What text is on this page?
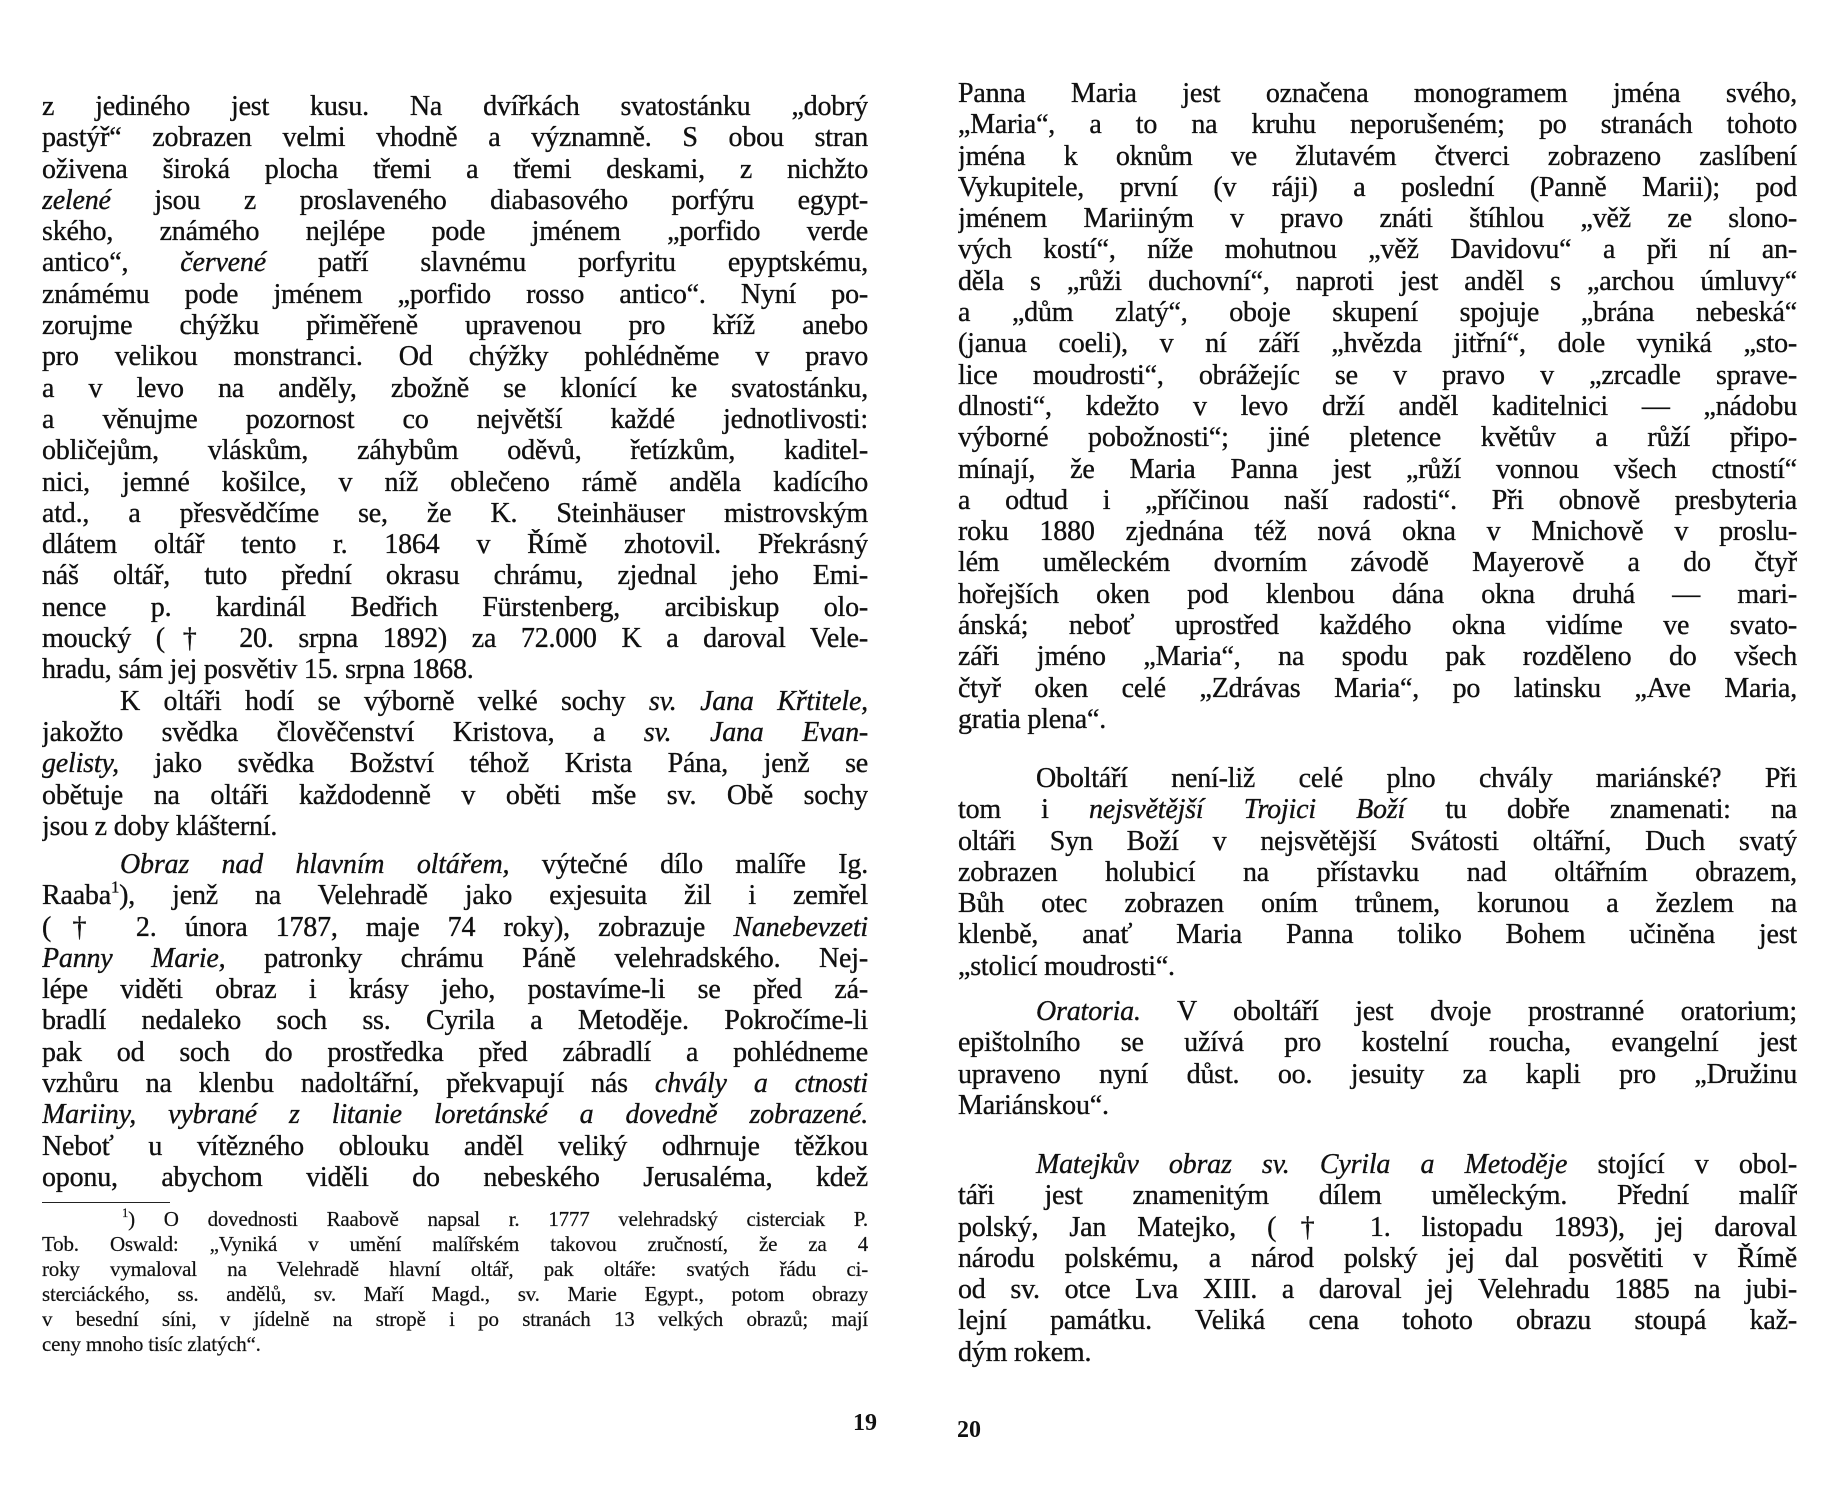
z jediného jest kusu. Na dvířkách svatostánku „dobrý
pastýř“ zobrazen velmi vhodně a významně. S obou stran
oživena široká plocha třemi a třemi deskami, z nichžto
zelené jsou z proslaveného diabasového porfýru egypt-
ského, známého nejlépe pode jménem „porfido verde
antico“, červené patří slavnému porfyritu epyptskému,
známému pode jménem „porfido rosso antico“. Nyní po-
zorujme chýžku přiměřeně upravenou pro kříž anebo
pro velikou monstranci. Od chýžky pohlédněme v pravo
a v levo na anděly, zbožně se klonící ke svatostánku,
a věnujme pozornost co největší každé jednotlivosti:
obličejům, vláskům, záhybům oděvů, řetízkům, kaditel-
nici, jemné košilce, v níž oblečeno rámě anděla kadícího
atd., a přesvědčíme se, že K. Steinhäuser mistrovským
dlátem oltář tento r. 1864 v Římě zhotovil. Překrásný
náš oltář, tuto přední okrasu chrámu, zjednal jeho Emi-
nence p. kardinál Bedřich Fürstenberg, arcibiskup olo-
moucký († 20. srpna 1892) za 72.000 K a daroval Vele-
hradu, sám jej posvětiv 15. srpna 1868.
K oltáři hodí se výborně velké sochy sv. Jana Křtitele,
jakožto svědka člověčenství Kristova, a sv. Jana Evan-
gelisty, jako svědka Božství téhož Krista Pána, jenž se
obětuje na oltáři každodenně v oběti mše sv. Obě sochy
jsou z doby klášterní.
Obraz nad hlavním oltářem, výtečné dílo malíře Ig.
Raaba$^1$), jenž na Velehradě jako exjesuita žil i zemřel
(† 2. února 1787, maje 74 roky), zobrazuje Nanebevzeti
Panny Marie, patronky chrámu Páně velehradského. Nej-
lépe viděti obraz i krásy jeho, postavíme-li se před zá-
bradlí nedaleko soch ss. Cyrila a Metoděje. Pokročíme-li
pak od soch do prostředka před zábradlí a pohlédneme
vzhůru na klenbu nadoltářní, překvapují nás chvály a ctnosti
Mariiny, vybrané z litanie loretánské a dovedně zobrazené.
Neboť u vítězného oblouku anděl veliký odhrnuje těžkou
oponu, abychom viděli do nebeského Jerusaléma, kdež
$^1$) O dovednosti Raabově napsal r. 1777 velehradský cisterciak P.
Tob. Oswald: „Vyniká v umění malířském takovou zručností, že za 4
roky vymaloval na Velehradě hlavní oltář, pak oltáře: svatých řádu ci-
sterciáckého, ss. andělů, sv. Maří Magd., sv. Marie Egypt., potom obrazy
v besední síni, v jídelně na stropě i po stranách 13 velkých obrazů; mají
ceny mnoho tisíc zlatých“.
19
Panna Maria jest označena monogramem jména svého,
„Maria“, a to na kruhu neporušeném; po stranách tohoto
jména k oknům ve žlutavém čtverci zobrazeno zaslíbení
Vykupitele, první (v ráji) a poslední (Panně Marii); pod
jménem Mariiným v pravo znáti štíhlou „věž ze slono-
vých kostí“, níže mohutnou „věž Davidovu“ a při ní an-
děla s „růži duchovní“, naproti jest anděl s „archou úmluvy“
a „dům zlatý“, oboje skupení spojuje „brána nebeská“
(janua coeli), v ní září „hvězda jitřní“, dole vyniká „sto-
lice moudrosti“, obrážejíc se v pravo v „zrcadle sprave-
dlnosti“, kdežto v levo drží anděl kaditelnici — „nádobu
výborné pobožnosti“; jiné pletence květův a růží připo-
mínají, že Maria Panna jest „růží vonnou všech ctností“
a odtud i „příčinou naší radosti“. Při obnově presbyteria
roku 1880 zjednána též nová okna v Mnichově v proslu-
lém uměleckém dvorním závodě Mayerově a do čtyř
hořejších oken pod klenbou dána okna druhá — mari-
ánská; neboť uprostřed každého okna vidíme ve svato-
záři jméno „Maria“, na spodu pak rozděleno do všech
čtyř oken celé „Zdrávas Maria“, po latinsku „Ave Maria,
gratia plena“.
Oboltáří není-liž celé plno chvály mariánské? Při
tom i nejsvětější Trojici Boží tu dobře znamenati: na
oltáři Syn Boží v nejsvětější Svátosti oltářní, Duch svatý
zobrazen holubicí na přístavku nad oltářním obrazem,
Bůh otec zobrazen oním trůnem, korunou a žezlem na
klenbě, anať Maria Panna toliko Bohem učiněna jest
„stolicí moudrosti“.
Oratoria. V oboltáří jest dvoje prostranné oratorium;
epištolního se užívá pro kostelní roucha, evangelní jest
upraveno nyní důst. oo. jesuity za kapli pro „Družinu
Mariánskou“.
Matejkův obraz sv. Cyrila a Metoděje stojící v obol-
táři jest znamenitým dílem uměleckým. Přední malíř
polský, Jan Matejko, († 1. listopadu 1893), jej daroval
národu polskému, a národ polský jej dal posvětiti v Římě
od sv. otce Lva XIII. a daroval jej Velehradu 1885 na jubi-
lejní památku. Veliká cena tohoto obrazu stoupá kaž-
dým rokem.
20
